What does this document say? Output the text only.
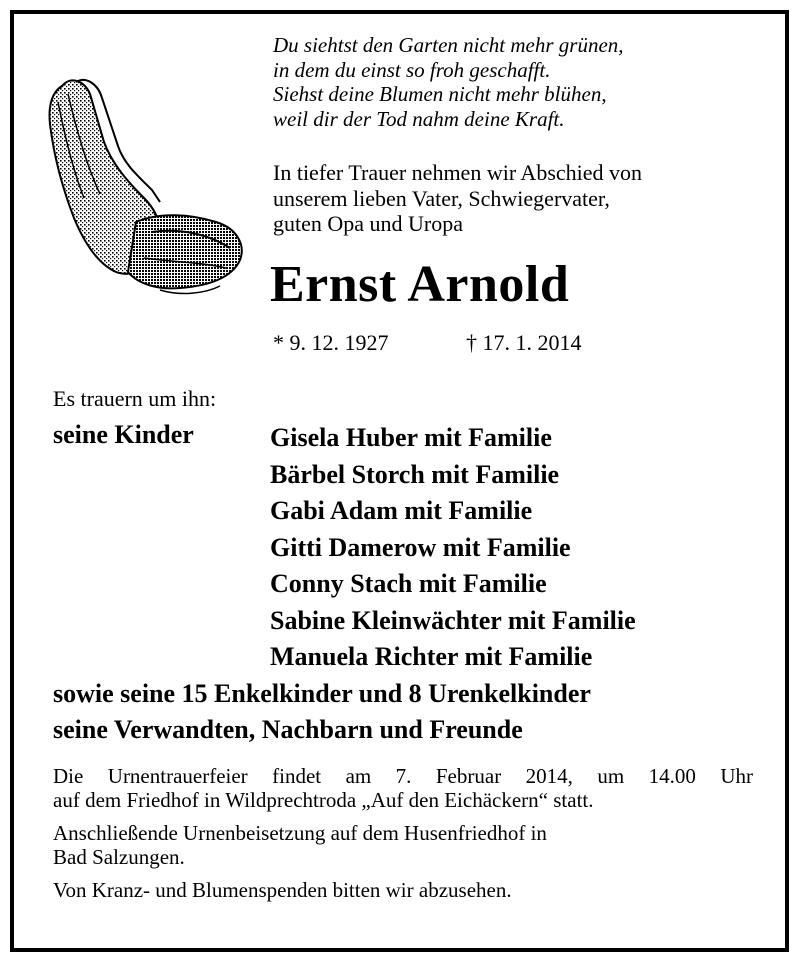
Du siehtst den Garten nicht mehr grünen,
in dem du einst so froh geschafft.
Siehst deine Blumen nicht mehr blühen,
weil dir der Tod nahm deine Kraft.
In tiefer Trauer nehmen wir Abschied von
unserem lieben Vater, Schwiegervater,
guten Opa und Uropa
Ernst Arnold
* 9. 12. 1927	† 17. 1. 2014
Es trauern um ihn:
seine Kinder	Gisela Huber mit Familie
Bärbel Storch mit Familie
Gabi Adam mit Familie
Gitti Damerow mit Familie
Conny Stach mit Familie
Sabine Kleinwächter mit Familie
Manuela Richter mit Familie
sowie seine 15 Enkelkinder und 8 Urenkelkinder
seine Verwandten, Nachbarn und Freunde

Die Urnentrauerfeier findet am 7. Februar 2014, um 14.00 Uhr
auf dem Friedhof in Wildprechtroda „Auf den Eichäckern“ statt.

Anschließende Urnenbeisetzung auf dem Husenfriedhof in
Bad Salzungen.

Von Kranz- und Blumenspenden bitten wir abzusehen.
